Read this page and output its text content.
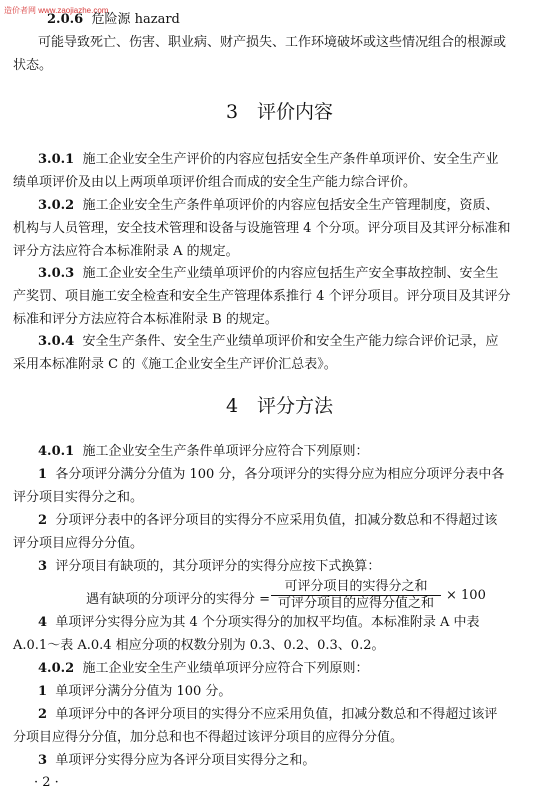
造价者网 www.zaojiazhe.com
2.0.6 危险源 hazard
可能导致死亡、伤害、职业病、财产损失、工作环境破坏或这些情况组合的根源或
状态。
3　评价内容
3.0.1 施工企业安全生产评价的内容应包括安全生产条件单项评价、安全生产业
绩单项评价及由以上两项单项评价组合而成的安全生产能力综合评价。
3.0.2 施工企业安全生产条件单项评价的内容应包括安全生产管理制度，资质、
机构与人员管理，安全技术管理和设备与设施管理 4 个分项。评分项目及其评分标准和
评分方法应符合本标准附录 A 的规定。
3.0.3 施工企业安全生产业绩单项评价的内容应包括生产安全事故控制、安全生
产奖罚、项目施工安全检查和安全生产管理体系推行 4 个评分项目。评分项目及其评分
标准和评分方法应符合本标准附录 B 的规定。
3.0.4 安全生产条件、安全生产业绩单项评价和安全生产能力综合评价记录，应
采用本标准附录 C 的《施工企业安全生产评价汇总表》。
4　评分方法
4.0.1 施工企业安全生产条件单项评分应符合下列原则：
1 各分项评分满分分值为 100 分，各分项评分的实得分应为相应分项评分表中各
评分项目实得分之和。
2 分项评分表中的各评分项目的实得分不应采用负值，扣减分数总和不得超过该
评分项目应得分分值。
3 评分项目有缺项的，其分项评分的实得分应按下式换算：
遇有缺项的分项评分的实得分 =
可评分项目的实得分之和
可评分项目的应得分值之和
× 100
4 单项评分实得分应为其 4 个分项实得分的加权平均值。本标准附录 A 中表
A.0.1～表 A.0.4 相应分项的权数分别为 0.3、0.2、0.3、0.2。
4.0.2 施工企业安全生产业绩单项评分应符合下列原则：
1 单项评分满分分值为 100 分。
2 单项评分中的各评分项目的实得分不应采用负值，扣减分数总和不得超过该评
分项目应得分分值，加分总和也不得超过该评分项目的应得分分值。
3 单项评分实得分应为各评分项目实得分之和。
· 2 ·
